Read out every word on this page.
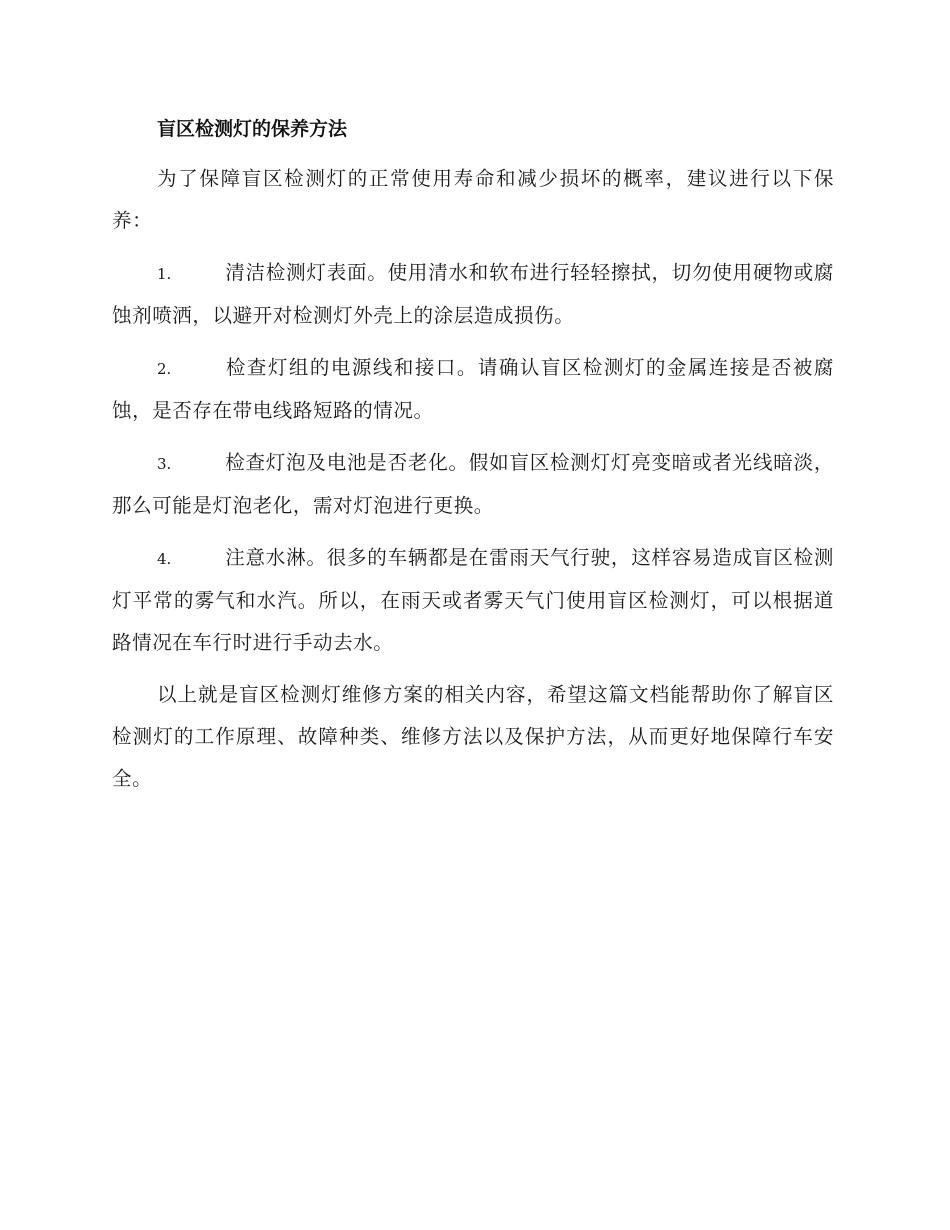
盲区检测灯的保养方法

为了保障盲区检测灯的正常使用寿命和减少损坏的概率，建议进行以下保养：

1.	清洁检测灯表面。使用清水和软布进行轻轻擦拭，切勿使用硬物或腐蚀剂喷洒，以避开对检测灯外壳上的涂层造成损伤。
2.	检查灯组的电源线和接口。请确认盲区检测灯的金属连接是否被腐蚀，是否存在带电线路短路的情况。
3.	检查灯泡及电池是否老化。假如盲区检测灯灯亮变暗或者光线暗淡，那么可能是灯泡老化，需对灯泡进行更换。
4.	注意水淋。很多的车辆都是在雷雨天气行驶，这样容易造成盲区检测灯平常的雾气和水汽。所以，在雨天或者雾天气门使用盲区检测灯，可以根据道路情况在车行时进行手动去水。

以上就是盲区检测灯维修方案的相关内容，希望这篇文档能帮助你了解盲区检测灯的工作原理、故障种类、维修方法以及保护方法，从而更好地保障行车安全。
